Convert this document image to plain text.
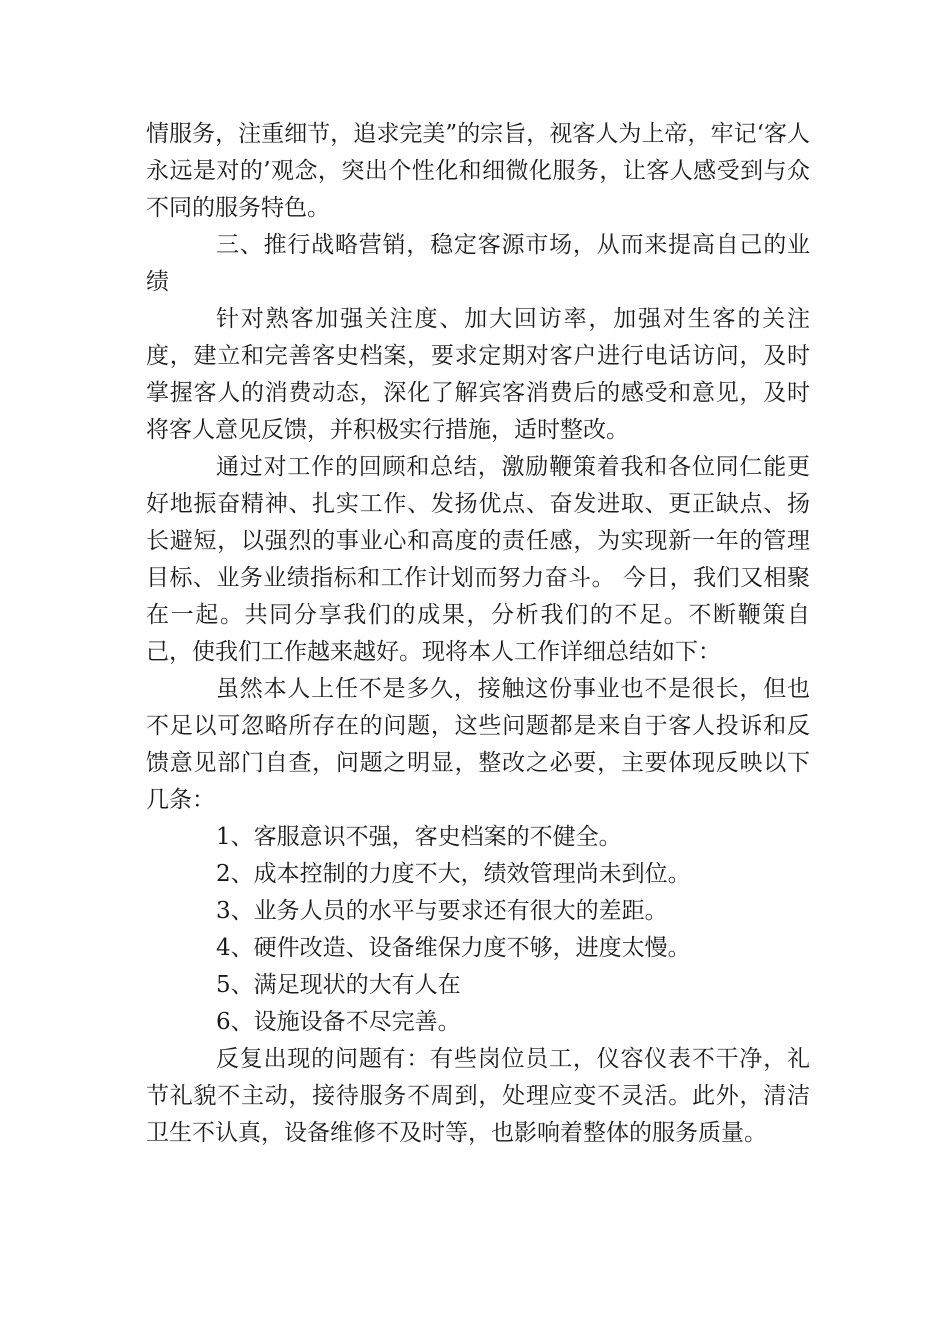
情服务，注重细节，追求完美”的宗旨，视客人为上帝，牢记‘客人永远是对的’观念，突出个性化和细微化服务，让客人感受到与众不同的服务特色。

三、推行战略营销，稳定客源市场，从而来提高自己的业绩

针对熟客加强关注度、加大回访率，加强对生客的关注度，建立和完善客史档案，要求定期对客户进行电话访问，及时掌握客人的消费动态，深化了解宾客消费后的感受和意见，及时将客人意见反馈，并积极实行措施，适时整改。

通过对工作的回顾和总结，激励鞭策着我和各位同仁能更好地振奋精神、扎实工作、发扬优点、奋发进取、更正缺点、扬长避短，以强烈的事业心和高度的责任感，为实现新一年的管理目标、业务业绩指标和工作计划而努力奋斗。 今日，我们又相聚在一起。共同分享我们的成果，分析我们的不足。不断鞭策自己，使我们工作越来越好。现将本人工作详细总结如下：

虽然本人上任不是多久，接触这份事业也不是很长，但也不足以可忽略所存在的问题，这些问题都是来自于客人投诉和反馈意见部门自查，问题之明显，整改之必要，主要体现反映以下几条：

1、客服意识不强，客史档案的不健全。

2、成本控制的力度不大，绩效管理尚未到位。

3、业务人员的水平与要求还有很大的差距。

4、硬件改造、设备维保力度不够，进度太慢。

5、满足现状的大有人在

6、设施设备不尽完善。

反复出现的问题有：有些岗位员工，仪容仪表不干净，礼节礼貌不主动，接待服务不周到，处理应变不灵活。此外，清洁卫生不认真，设备维修不及时等，也影响着整体的服务质量。
